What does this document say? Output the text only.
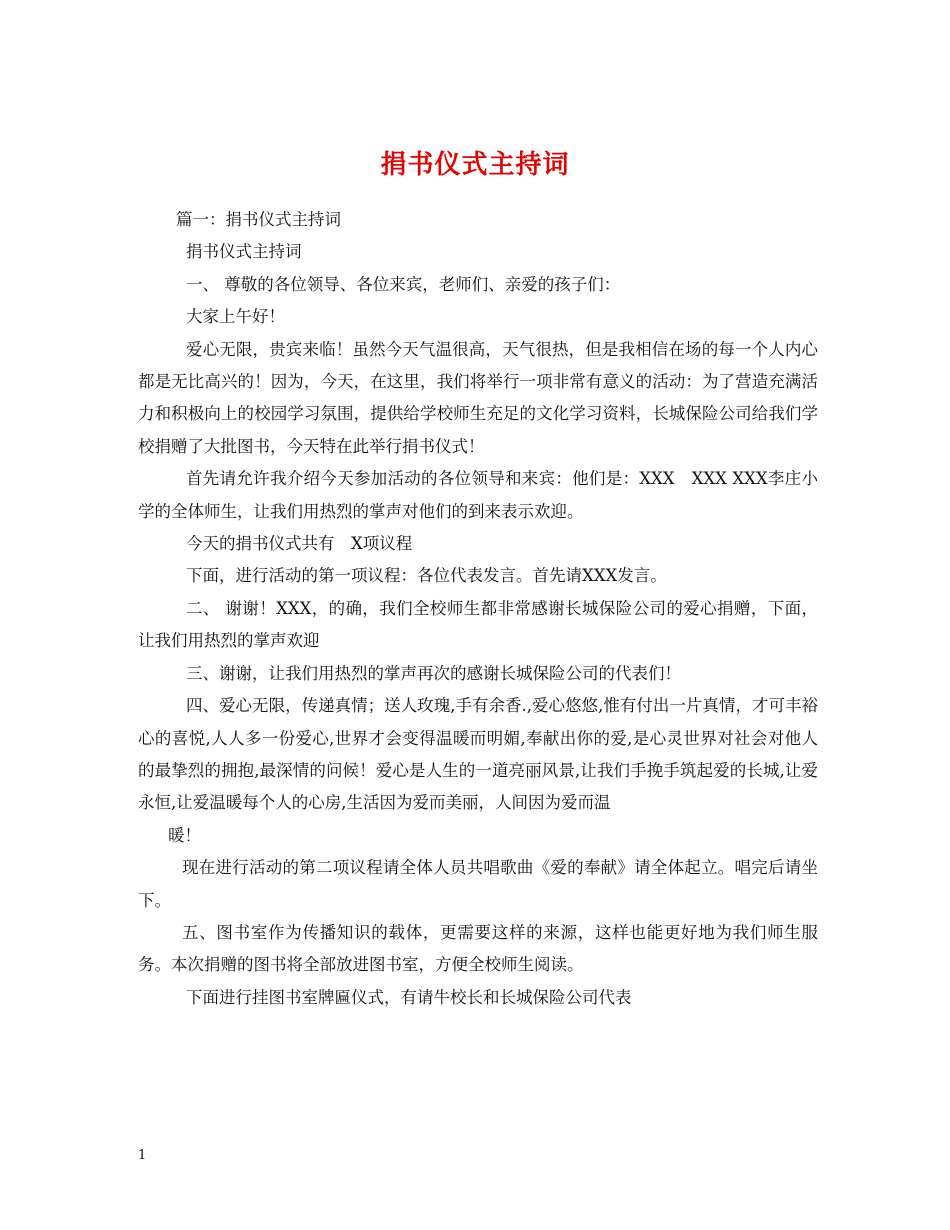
捐书仪式主持词

篇一：捐书仪式主持词

捐书仪式主持词

一、 尊敬的各位领导、各位来宾，老师们、亲爱的孩子们：

大家上午好！

爱心无限，贵宾来临！虽然今天气温很高，天气很热，但是我相信在场的每一个人内心都是无比高兴的！因为，今天，在这里，我们将举行一项非常有意义的活动：为了营造充满活力和积极向上的校园学习氛围，提供给学校师生充足的文化学习资料，长城保险公司给我们学校捐赠了大批图书，今天特在此举行捐书仪式！

首先请允许我介绍今天参加活动的各位领导和来宾：他们是：XXX　XXX XXX李庄小学的全体师生，让我们用热烈的掌声对他们的到来表示欢迎。

今天的捐书仪式共有　X项议程

下面，进行活动的第一项议程：各位代表发言。首先请XXX发言。

二、 谢谢！XXX，的确，我们全校师生都非常感谢长城保险公司的爱心捐赠，下面，让我们用热烈的掌声欢迎

三、谢谢，让我们用热烈的掌声再次的感谢长城保险公司的代表们！

四、爱心无限，传递真情；送人玫瑰,手有余香.,爱心悠悠,惟有付出一片真情，才可丰裕心的喜悦,人人多一份爱心,世界才会变得温暖而明媚,奉献出你的爱,是心灵世界对社会对他人的最挚烈的拥抱,最深情的问候！爱心是人生的一道亮丽风景,让我们手挽手筑起爱的长城,让爱永恒,让爱温暖每个人的心房,生活因为爱而美丽，人间因为爱而温

暖！

现在进行活动的第二项议程请全体人员共唱歌曲《爱的奉献》请全体起立。唱完后请坐下。

五、图书室作为传播知识的载体，更需要这样的来源，这样也能更好地为我们师生服务。本次捐赠的图书将全部放进图书室，方便全校师生阅读。

下面进行挂图书室牌匾仪式，有请牛校长和长城保险公司代表

1
